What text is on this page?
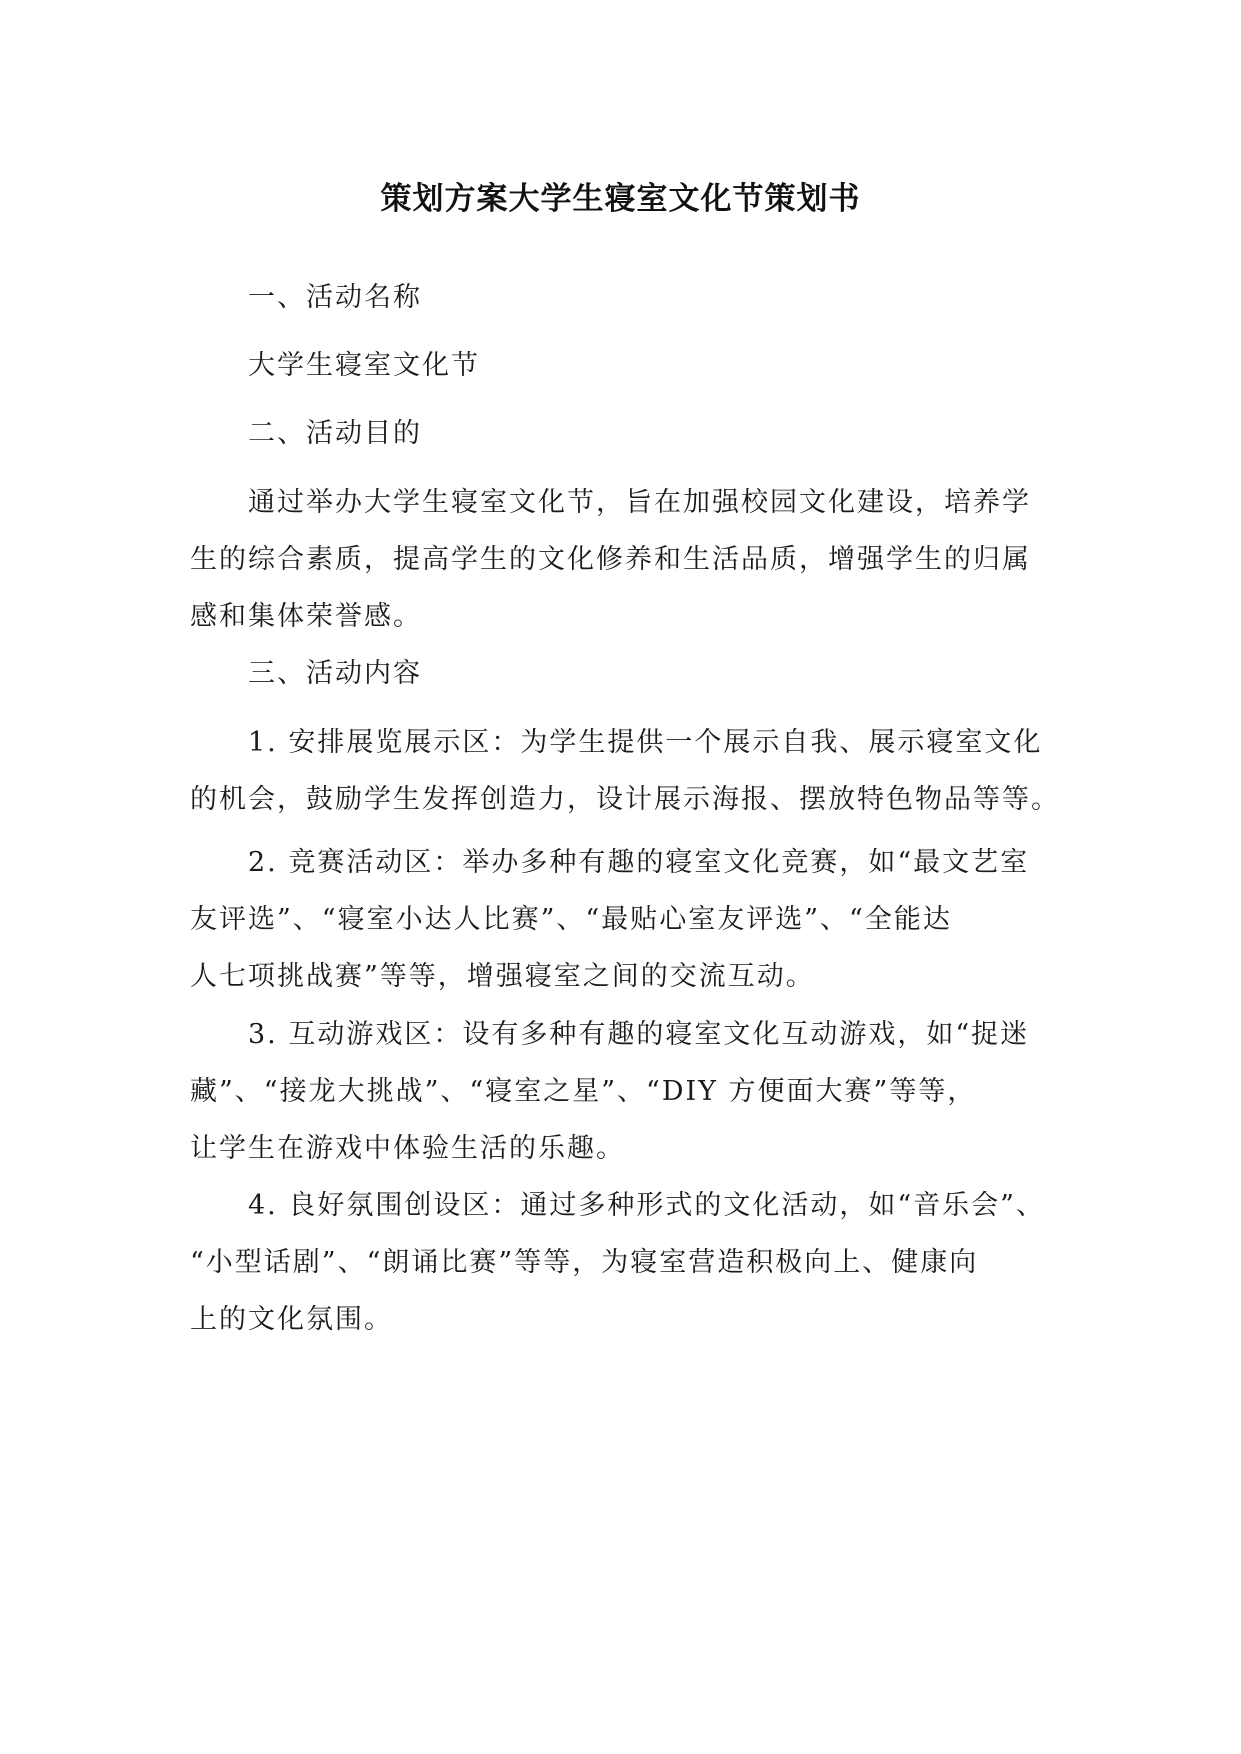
策划方案大学生寝室文化节策划书
一、活动名称
大学生寝室文化节
二、活动目的
通过举办大学生寝室文化节，旨在加强校园文化建设，培养学
生的综合素质，提高学生的文化修养和生活品质，增强学生的归属
感和集体荣誉感。
三、活动内容
1. 安排展览展示区：为学生提供一个展示自我、展示寝室文化
的机会，鼓励学生发挥创造力，设计展示海报、摆放特色物品等等。
2. 竞赛活动区：举办多种有趣的寝室文化竞赛，如“最文艺室
友评选”、“寝室小达人比赛”、“最贴心室友评选”、“全能达
人七项挑战赛”等等，增强寝室之间的交流互动。
3. 互动游戏区：设有多种有趣的寝室文化互动游戏，如“捉迷
藏”、“接龙大挑战”、“寝室之星”、“DIY 方便面大赛”等等，
让学生在游戏中体验生活的乐趣。
4. 良好氛围创设区：通过多种形式的文化活动，如“音乐会”、
“小型话剧”、“朗诵比赛”等等，为寝室营造积极向上、健康向
上的文化氛围。
